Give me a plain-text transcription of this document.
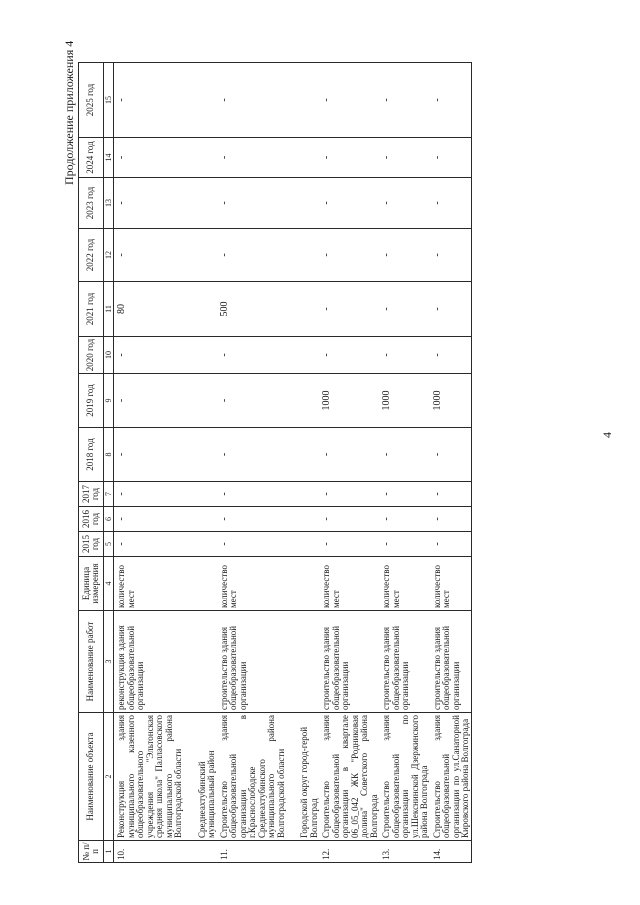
4
Продолжение приложения 4
№ п/п	Наименование объекта	Наименование работ	Единица измерения	2015 год	2016 год	2017 год	2018 год	2019 год	2020 год	2021 год	2022 год	2023 год	2024 год	2025 год
1	2	3	4	5	6	7	8	9	10	11	12	13	14	15
10.	Реконструкция здания муниципального казенного общеобразовательного учреждения "Эльтонская средняя школа" Палласовского муниципального района Волгоградской области Среднеахтубинский муниципальный район	реконструкция здания общеобразовательной организации	количество мест	-	-	-	-	-	-	80	-	-	-	-
11.	Строительство здания общеобразовательной организации в г.Краснослободске Среднеахтубинского муниципального района Волгоградской области Городской округ город-герой Волгоград	строительство здания общеобразовательной организации	количество мест	-	-	-	-	-	-	500	-	-	-	-
12.	Строительство здания общеобразовательной организации в квартале 06_05_042 ЖК "Родниковая долина" Советского района Волгограда	строительство здания общеобразовательной организации	количество мест	-	-	-	-	1000	-	-	-	-	-	-
13.	Строительство здания общеобразовательной организации по ул.Шекснинской Дзержинского района Волгограда	строительство здания общеобразовательной организации	количество мест	-	-	-	-	1000	-	-	-	-	-	-
14.	Строительство здания общеобразовательной организации по ул.Санаторной Кировского района Волгограда	строительство здания общеобразовательной организации	количество мест	-	-	-	-	1000	-	-	-	-	-	-
